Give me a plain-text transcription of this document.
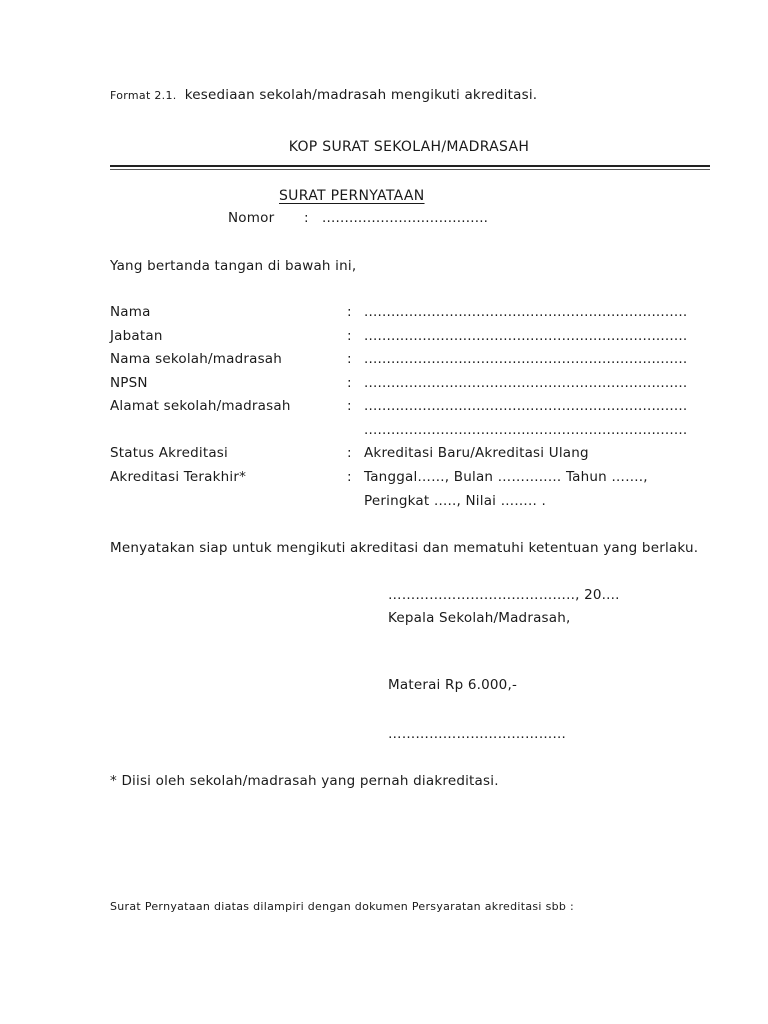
Format 2.1. kesediaan sekolah/madrasah mengikuti akreditasi.
KOP SURAT SEKOLAH/MADRASAH
SURAT PERNYATAAN
Nomor : .....................................
Yang bertanda tangan di bawah ini,
Nama	: ........................................................................
Jabatan	: ........................................................................
Nama sekolah/madrasah	: ........................................................................
NPSN	: ........................................................................
Alamat sekolah/madrasah	: ........................................................................
........................................................................
Status Akreditasi	: Akreditasi Baru/Akreditasi Ulang
Akreditasi Terakhir*	: Tanggal……, Bulan ………..… Tahun …….,
Peringkat ….., Nilai …….. .
Menyatakan siap untuk mengikuti akreditasi dan mematuhi ketentuan yang berlaku.
………………………………….., 20....
Kepala Sekolah/Madrasah,
Materai Rp 6.000,-
…………………………………
* Diisi oleh sekolah/madrasah yang pernah diakreditasi.
Surat Pernyataan diatas dilampiri dengan dokumen Persyaratan akreditasi sbb :
